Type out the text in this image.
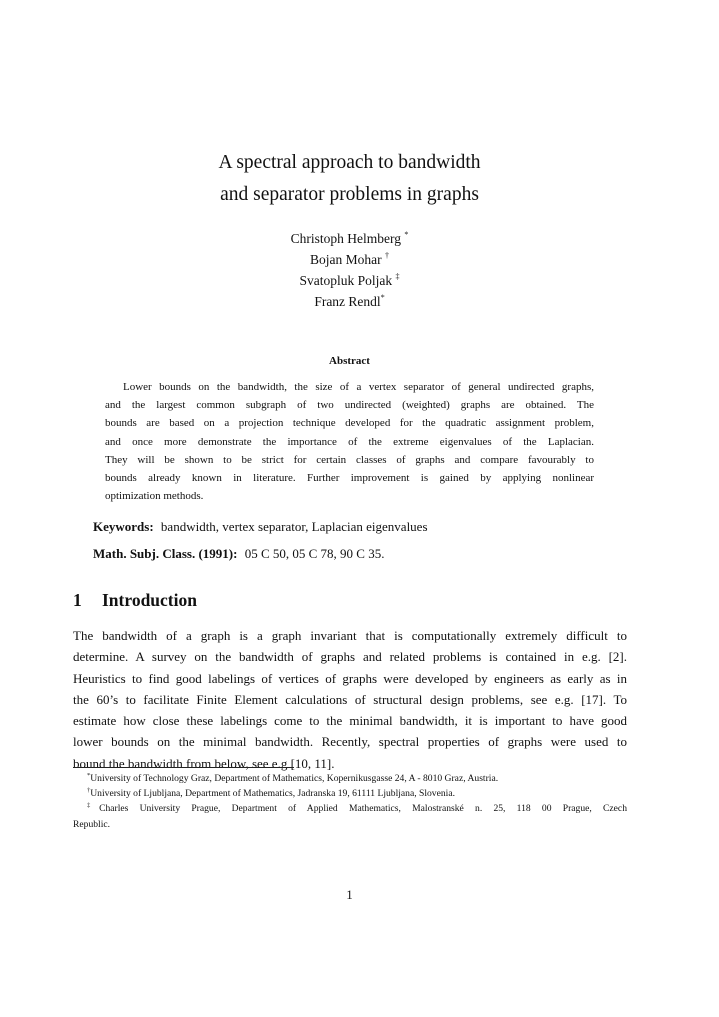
A spectral approach to bandwidth
and separator problems in graphs
Christoph Helmberg *
Bojan Mohar †
Svatopluk Poljak ‡
Franz Rendl*
Abstract
Lower bounds on the bandwidth, the size of a vertex separator of general undirected graphs,
and the largest common subgraph of two undirected (weighted) graphs are obtained. The
bounds are based on a projection technique developed for the quadratic assignment problem,
and once more demonstrate the importance of the extreme eigenvalues of the Laplacian.
They will be shown to be strict for certain classes of graphs and compare favourably to
bounds already known in literature. Further improvement is gained by applying nonlinear
optimization methods.
Keywords: bandwidth, vertex separator, Laplacian eigenvalues
Math. Subj. Class. (1991): 05 C 50, 05 C 78, 90 C 35.
1 Introduction
The bandwidth of a graph is a graph invariant that is computationally extremely difficult to
determine. A survey on the bandwidth of graphs and related problems is contained in e.g. [2].
Heuristics to find good labelings of vertices of graphs were developed by engineers as early as in
the 60’s to facilitate Finite Element calculations of structural design problems, see e.g. [17]. To
estimate how close these labelings come to the minimal bandwidth, it is important to have good
lower bounds on the minimal bandwidth. Recently, spectral properties of graphs were used to
bound the bandwidth from below, see e.g [10, 11].
*University of Technology Graz, Department of Mathematics, Kopernikusgasse 24, A - 8010 Graz, Austria.
†University of Ljubljana, Department of Mathematics, Jadranska 19, 61111 Ljubljana, Slovenia.
‡Charles University Prague, Department of Applied Mathematics, Malostranské n. 25, 118 00 Prague, Czech
Republic.
1
